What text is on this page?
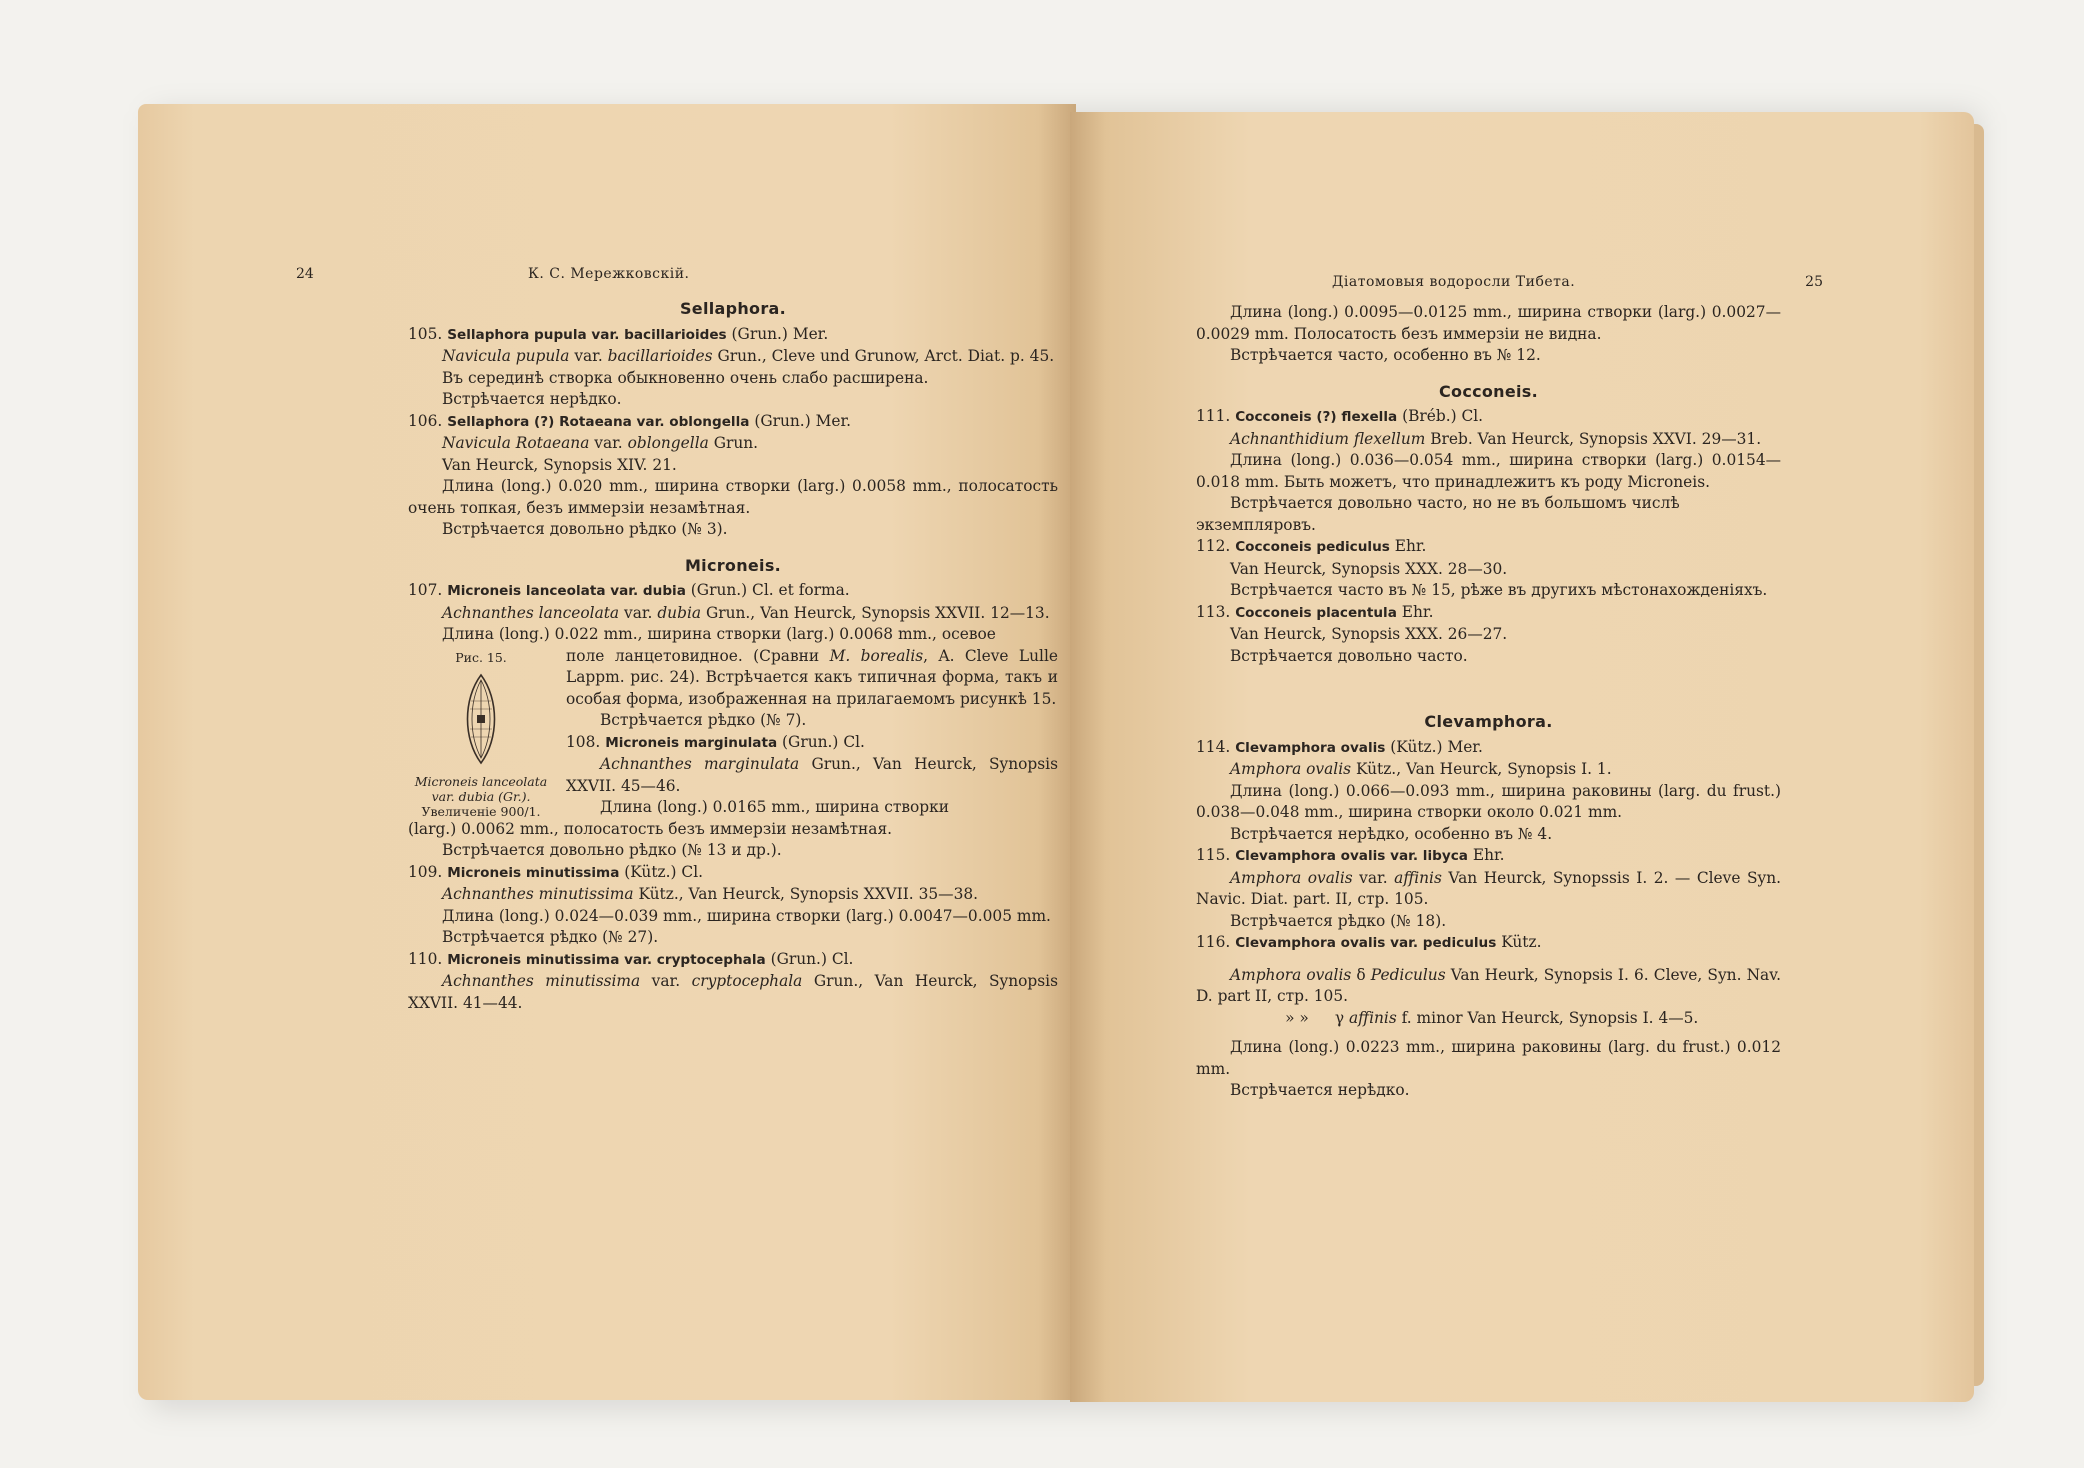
24	К. С. Мережковскій.
Sellaphora.

105. Sellaphora pupula var. bacillarioides (Grun.) Mer.

Navicula pupula var. bacillarioides Grun., Cleve und Grunow, Arct. Diat. p. 45.

Въ серединѣ створка обыкновенно очень слабо расширена.

Встрѣчается нерѣдко.

106. Sellaphora (?) Rotaeana var. oblongella (Grun.) Mer.

Navicula Rotaeana var. oblongella Grun.

Van Heurck, Synopsis XIV. 21.

Длина (long.) 0.020 mm., ширина створки (larg.) 0.0058 mm., полосатость очень топкая, безъ иммерзіи незамѣтная.

Встрѣчается довольно рѣдко (№ 3).

Microneis.

107. Microneis lanceolata var. dubia (Grun.) Cl. et forma.

Achnanthes lanceolata var. dubia Grun., Van Heurck, Synopsis XXVII. 12—13.

Длина (long.) 0.022 mm., ширина створки (larg.) 0.0068 mm., осевое

Рис. 15.
Microneis lanceolata var. dubia (Gr.).
Увеличеніе 900/1.

поле ланцетовидное. (Сравни M. borealis, A. Cleve Lulle Lappm. рис. 24). Встрѣчается какъ типичная форма, такъ и особая форма, изображенная на прилагаемомъ рисункѣ 15.

Встрѣчается рѣдко (№ 7).

108. Microneis marginulata (Grun.) Cl.

Achnanthes marginulata Grun., Van Heurck, Synopsis XXVII. 45—46.

Длина (long.) 0.0165 mm., ширина створки

(larg.) 0.0062 mm., полосатость безъ иммерзіи незамѣтная.

Встрѣчается довольно рѣдко (№ 13 и др.).

109. Microneis minutissima (Kütz.) Cl.

Achnanthes minutissima Kütz., Van Heurck, Synopsis XXVII. 35—38.

Длина (long.) 0.024—0.039 mm., ширина створки (larg.) 0.0047—0.005 mm.

Встрѣчается рѣдко (№ 27).

110. Microneis minutissima var. cryptocephala (Grun.) Cl.

Achnanthes minutissima var. cryptocephala Grun., Van Heurck, Synopsis XXVII. 41—44.

Діатомовыя водоросли Тибета.	25

Длина (long.) 0.0095—0.0125 mm., ширина створки (larg.) 0.0027—0.0029 mm. Полосатость безъ иммерзіи не видна.

Встрѣчается часто, особенно въ № 12.

Cocconeis.

111. Cocconeis (?) flexella (Bréb.) Cl.

Achnanthidium flexellum Breb. Van Heurck, Synopsis XXVI. 29—31.

Длина (long.) 0.036—0.054 mm., ширина створки (larg.) 0.0154—0.018 mm. Быть можетъ, что принадлежитъ къ роду Microneis.

Встрѣчается довольно часто, но не въ большомъ числѣ экземпляровъ.

112. Cocconeis pediculus Ehr.

Van Heurck, Synopsis XXX. 28—30.

Встрѣчается часто въ № 15, рѣже въ другихъ мѣстонахожденіяхъ.

113. Cocconeis placentula Ehr.

Van Heurck, Synopsis XXX. 26—27.

Встрѣчается довольно часто.

Clevamphora.

114. Clevamphora ovalis (Kütz.) Mer.

Amphora ovalis Kütz., Van Heurck, Synopsis I. 1.

Длина (long.) 0.066—0.093 mm., ширина раковины (larg. du frust.) 0.038—0.048 mm., ширина створки около 0.021 mm.

Встрѣчается нерѣдко, особенно въ № 4.

115. Clevamphora ovalis var. libyca Ehr.

Amphora ovalis var. affinis Van Heurck, Synopssis I. 2. — Cleve Syn. Navic. Diat. part. II, стр. 105.

Встрѣчается рѣдко (№ 18).

116. Clevamphora ovalis var. pediculus Kütz.

Amphora ovalis δ Pediculus Van Heurk, Synopsis I. 6. Cleve, Syn. Nav. D. part II, стр. 105.

» » γ affinis f. minor Van Heurck, Synopsis I. 4—5.

Длина (long.) 0.0223 mm., ширина раковины (larg. du frust.) 0.012 mm.

Встрѣчается нерѣдко.
